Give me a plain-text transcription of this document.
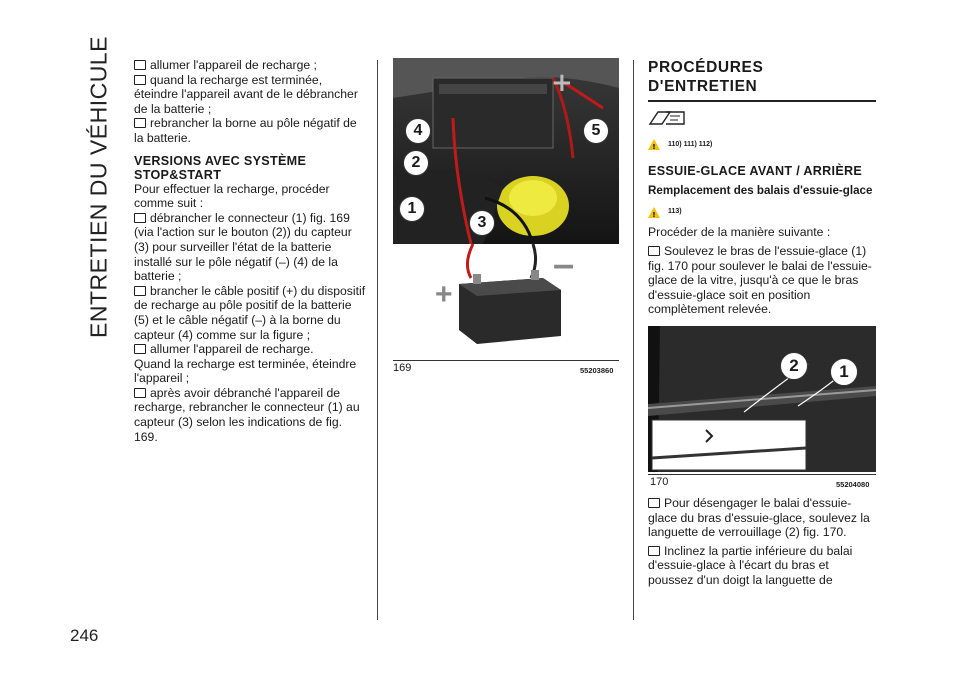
ENTRETIEN DU VÉHICULE
246

allumer l'appareil de recharge ;

quand la recharge est terminée, éteindre l'appareil avant de le débrancher de la batterie ;

rebrancher la borne au pôle négatif de la batterie.

VERSIONS AVEC SYSTÈME STOP&START

Pour effectuer la recharge, procéder comme suit :

débrancher le connecteur (1) fig. 169 (via l'action sur le bouton (2)) du capteur (3) pour surveiller l'état de la batterie installé sur le pôle négatif (–) (4) de la batterie ;

brancher le câble positif (+) du dispositif de recharge au pôle positif de la batterie (5) et le câble négatif (–) à la borne du capteur (4) comme sur la figure ;

allumer l'appareil de recharge.

Quand la recharge est terminée, éteindre l'appareil ;

après avoir débranché l'appareil de recharge, rebrancher le connecteur (1) au capteur (3) selon les indications de fig. 169.

+
4
2
1
3
5
+
–
169	55203860
PROCÉDURES D'ENTRETIEN
! 110) 111) 112)
ESSUIE-GLACE AVANT / ARRIÈRE
Remplacement des balais d'essuie-glace
! 113)

Procéder de la manière suivante :

Soulevez le bras de l'essuie-glace (1) fig. 170 pour soulever le balai de l'essuie-glace de la vitre, jusqu'à ce que le bras d'essuie-glace soit en position complètement relevée.

2	1
170	55204080

Pour désengager le balai d'essuie-glace du bras d'essuie-glace, soulevez la languette de verrouillage (2) fig. 170.

Inclinez la partie inférieure du balai d'essuie-glace à l'écart du bras et poussez d'un doigt la languette de
